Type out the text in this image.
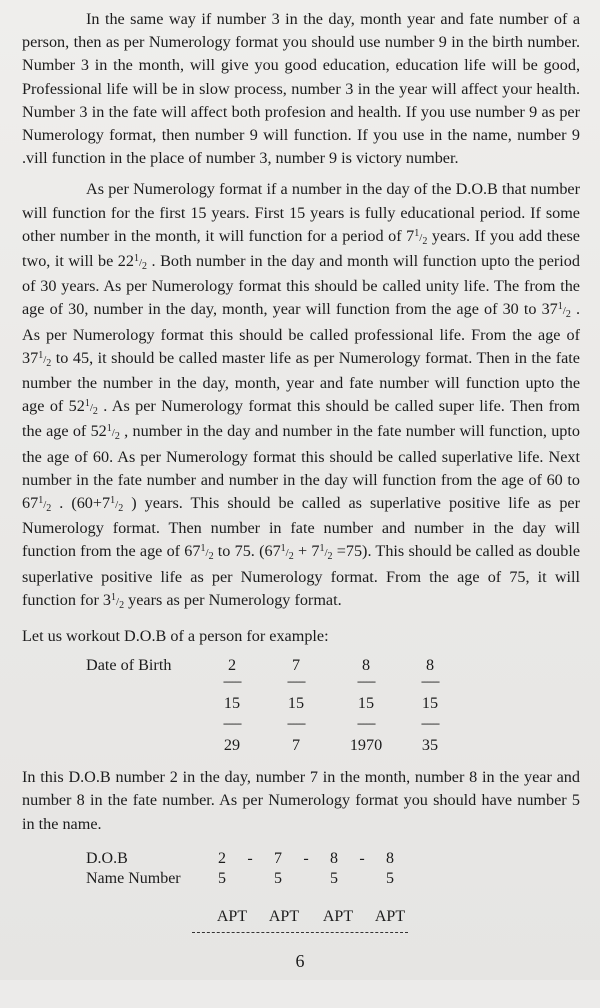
In the same way if number 3 in the day, month year and fate number of a person, then as per Numerology format you should use number 9 in the birth number. Number 3 in the month, will give you good education, education life will be good, Professional life will be in slow process, number 3 in the year will affect your health. Number 3 in the fate will affect both profesion and health. If you use number 9 as per Numerology format, then number 9 will function. If you use in the name, number 9 .vill function in the place of number 3, number 9 is victory number.

As per Numerology format if a number in the day of the D.O.B that number will function for the first 15 years. First 15 years is fully educational period. If some other number in the month, it will function for a period of $7^1/_2$ years. If you add these two, it will be $22^1/_2$ . Both number in the day and month will function upto the period of 30 years. As per Numerology format this should be called unity life. The from the age of 30, number in the day, month, year will function from the age of 30 to $37^1/_2$ . As per Numerology format this should be called professional life. From the age of $37^1/_2$ to 45, it should be called master life as per Numerology format. Then in the fate number the number in the day, month, year and fate number will function upto the age of $52^1/_2$ . As per Numerology format this should be called super life. Then from the age of $52^1/_2$ , number in the day and number in the fate number will function, upto the age of 60. As per Numerology format this should be called superlative life. Next number in the fate number and number in the day will function from the age of 60 to $67^1/_2$ . ($60+7^1/_2$ ) years. This should be called as superlative positive life as per Numerology format. Then number in fate number and number in the day will function from the age of $67^1/_2$ to 75. $(67^1/_2 + 7^1/_2 =75)$. This should be called as double superlative positive life as per Numerology format. From the age of 75, it will function for $3^1/_2$ years as per Numerology format.

Let us workout D.O.B of a person for example:

Date of Birth	2	7	8	8
------	------	------	------
15	15	15	15
------	------	------	------
29	7	1970	35

In this D.O.B number 2 in the day, number 7 in the month, number 8 in the year and number 8 in the fate number. As per Numerology format you should have number 5 in the name.

D.O.B	2	-	7	-	8	-	8
Name Number	5	5	5	5
APT	APT	APT	APT
6
